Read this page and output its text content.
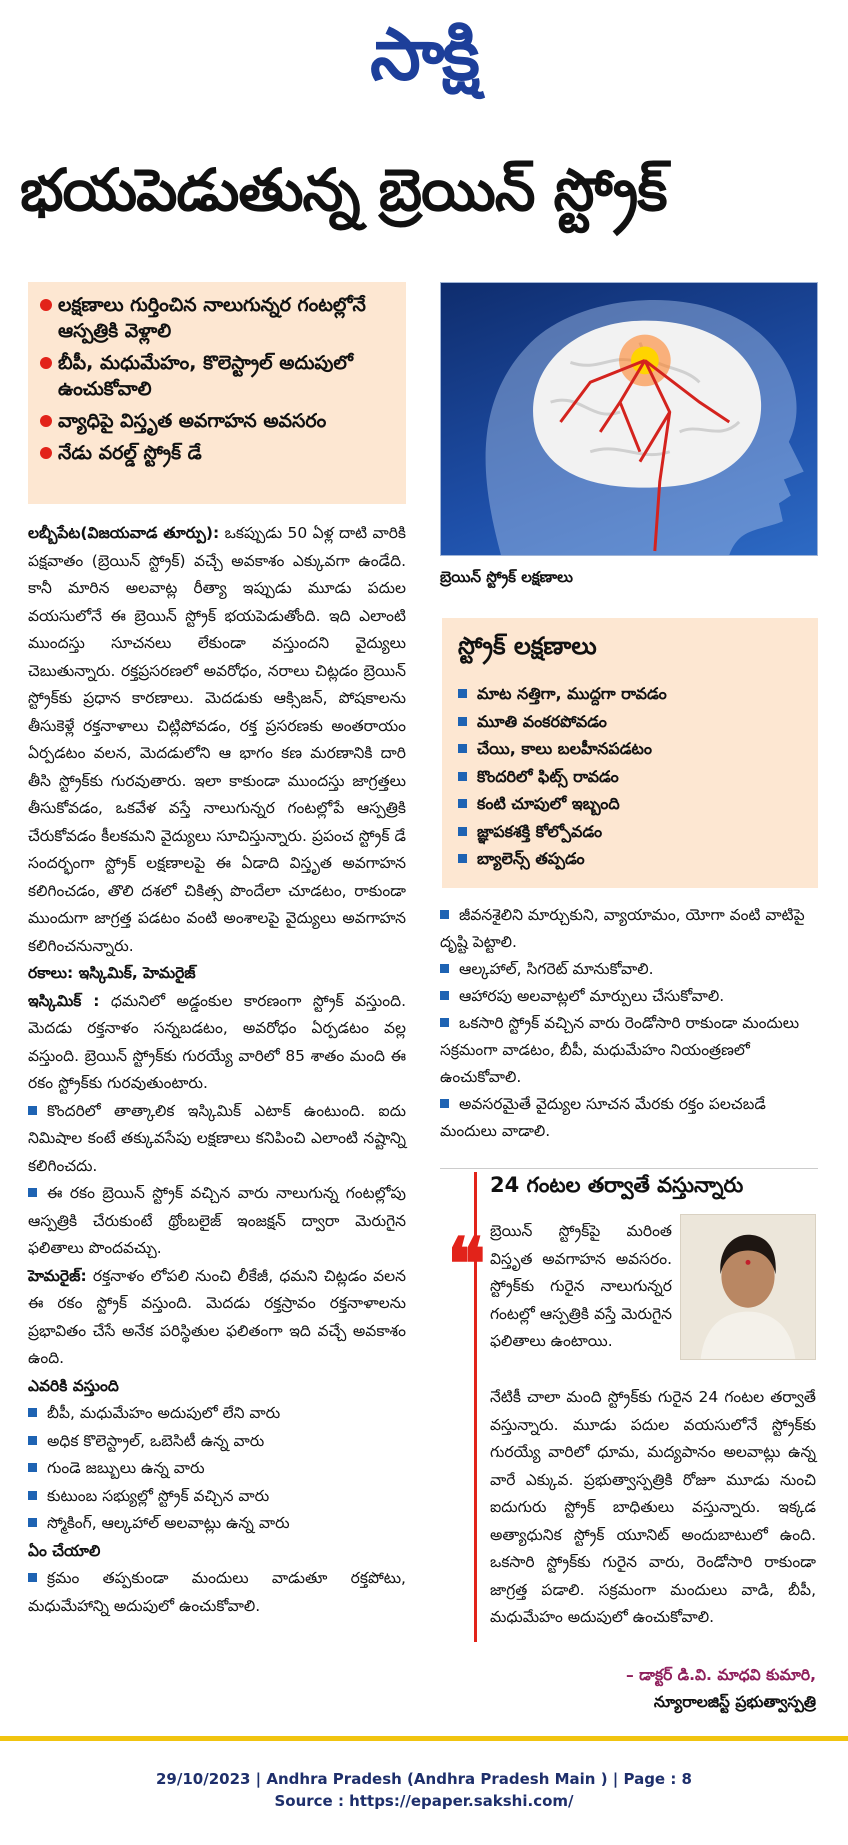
సాక్షి
భయపెడుతున్న బ్రెయిన్‌ స్ట్రోక్‌
లక్షణాలు గుర్తించిన నాలుగున్నర గంటల్లోనే ఆస్పత్రికి వెళ్లాలి
బీపీ, మధుమేహం, కొలెస్ట్రాల్‌ అదుపులో ఉంచుకోవాలి
వ్యాధిపై విస్తృత అవగాహన అవసరం
నేడు వరల్డ్‌ స్ట్రోక్‌ డే
బ్రెయిన్‌ స్ట్రోక్‌ లక్షణాలు

లబ్బీపేట(విజయవాడ తూర్పు): ఒకప్పుడు 50 ఏళ్ల దాటి వారికి పక్షవాతం (బ్రెయిన్‌ స్ట్రోక్‌) వచ్చే అవకాశం ఎక్కువగా ఉండేది. కానీ మారిన అలవాట్ల రీత్యా ఇప్పుడు మూడు పదుల వయసులోనే ఈ బ్రెయిన్‌ స్ట్రోక్‌ భయపెడుతోంది. ఇది ఎలాంటి ముందస్తు సూచనలు లేకుండా వస్తుందని వైద్యులు చెబుతున్నారు. రక్తప్రసరణలో అవరోధం, నరాలు చిట్లడం బ్రెయిన్‌ స్ట్రోక్‌కు ప్రధాన కారణాలు. మెదడుకు ఆక్సిజన్‌, పోషకాలను తీసుకెళ్లే రక్తనాళాలు చిట్లిపోవడం, రక్త ప్రసరణకు అంతరాయం ఏర్పడటం వలన, మెదడులోని ఆ భాగం కణ మరణానికి దారి తీసి స్ట్రోక్‌కు గురవుతారు. ఇలా కాకుండా ముందస్తు జాగ్రత్తలు తీసుకోవడం, ఒకవేళ వస్తే నాలుగున్నర గంటల్లోపే ఆస్పత్రికి చేరుకోవడం కీలకమని వైద్యులు సూచిస్తున్నారు. ప్రపంచ స్ట్రోక్‌ డే సందర్భంగా స్ట్రోక్‌ లక్షణాలపై ఈ ఏడాది విస్తృత అవగాహన కలిగించడం, తొలి దశలో చికిత్స పొందేలా చూడటం, రాకుండా ముందుగా జాగ్రత్త పడటం వంటి అంశాలపై వైద్యులు అవగాహన కలిగించనున్నారు.

రకాలు: ఇస్కిమిక్‌, హెమరైజ్‌

ఇస్కిమిక్‌ : ధమనిలో అడ్డంకుల కారణంగా స్ట్రోక్‌ వస్తుంది. మెదడు రక్తనాళం సన్నబడటం, అవరోధం ఏర్పడటం వల్ల వస్తుంది. బ్రెయిన్‌ స్ట్రోక్‌కు గురయ్యే వారిలో 85 శాతం మంది ఈ రకం స్ట్రోక్‌కు గురవుతుంటారు.

కొందరిలో తాత్కాలిక ఇస్కిమిక్‌ ఎటాక్‌ ఉంటుంది. ఐదు నిమిషాల కంటే తక్కువసేపు లక్షణాలు కనిపించి ఎలాంటి నష్టాన్ని కలిగించదు.

ఈ రకం బ్రెయిన్‌ స్ట్రోక్‌ వచ్చిన వారు నాలుగున్న గంటల్లోపు ఆస్పత్రికి చేరుకుంటే థ్రోంబలైజ్‌ ఇంజక్షన్‌ ద్వారా మెరుగైన ఫలితాలు పొందవచ్చు.

హెమరైజ్‌: రక్తనాళం లోపలి నుంచి లీకేజీ, ధమని చిట్లడం వలన ఈ రకం స్ట్రోక్‌ వస్తుంది. మెదడు రక్తస్రావం రక్తనాళాలను ప్రభావితం చేసే అనేక పరిస్థితుల ఫలితంగా ఇది వచ్చే అవకాశం ఉంది.

ఎవరికి వస్తుంది

బీపీ, మధుమేహం అదుపులో లేని వారు

అధిక కొలెస్ట్రాల్‌, ఒబెసిటీ ఉన్న వారు

గుండె జబ్బులు ఉన్న వారు

కుటుంబ సభ్యుల్లో స్ట్రోక్‌ వచ్చిన వారు

స్మోకింగ్‌, ఆల్కహాల్‌ అలవాట్లు ఉన్న వారు

ఏం చేయాలి

క్రమం తప్పకుండా మందులు వాడుతూ రక్తపోటు, మధుమేహాన్ని అదుపులో ఉంచుకోవాలి.

స్ట్రోక్‌ లక్షణాలు
మాట నత్తిగా, ముద్దగా రావడం
మూతి వంకరపోవడం
చేయి, కాలు బలహీనపడటం
కొందరిలో ఫిట్స్‌ రావడం
కంటి చూపులో ఇబ్బంది
జ్ఞాపకశక్తి కోల్పోవడం
బ్యాలెన్స్‌ తప్పడం

జీవనశైలిని మార్చుకుని, వ్యాయామం, యోగా వంటి వాటిపై దృష్టి పెట్టాలి.

ఆల్కహాల్‌, సిగరెట్‌ మానుకోవాలి.

ఆహారపు అలవాట్లలో మార్పులు చేసుకోవాలి.

ఒకసారి స్ట్రోక్‌ వచ్చిన వారు రెండోసారి రాకుండా మందులు సక్రమంగా వాడటం, బీపీ, మధుమేహం నియంత్రణలో ఉంచుకోవాలి.

అవసరమైతే వైద్యుల సూచన మేరకు రక్తం పలచబడే మందులు వాడాలి.

24 గంటల తర్వాతే వస్తున్నారు
❝ బ్రెయిన్‌ స్ట్రోక్‌పై మరింత విస్తృత అవగాహన అవసరం. స్ట్రోక్‌కు గురైన నాలుగున్నర గంటల్లో ఆస్పత్రికి వస్తే మెరుగైన ఫలితాలు ఉంటాయి.
నేటికీ చాలా మంది స్ట్రోక్‌కు గురైన 24 గంటల తర్వాతే వస్తున్నారు. మూడు పదుల వయసులోనే స్ట్రోక్‌కు గురయ్యే వారిలో ధూమ, మద్యపానం అలవాట్లు ఉన్న వారే ఎక్కువ. ప్రభుత్వాస్పత్రికి రోజూ మూడు నుంచి ఐదుగురు స్ట్రోక్‌ బాధితులు వస్తున్నారు. ఇక్కడ అత్యాధునిక స్ట్రోక్‌ యూనిట్‌ అందుబాటులో ఉంది. ఒకసారి స్ట్రోక్‌కు గురైన వారు, రెండోసారి రాకుండా జాగ్రత్త పడాలి. సక్రమంగా మందులు వాడి, బీపీ, మధుమేహం అదుపులో ఉంచుకోవాలి.
– డాక్టర్‌ డి.వి. మాధవి కుమారి,
న్యూరాలజిస్ట్‌ ప్రభుత్వాస్పత్రి
29/10/2023 | Andhra Pradesh (Andhra Pradesh Main ) | Page : 8
Source : https://epaper.sakshi.com/
